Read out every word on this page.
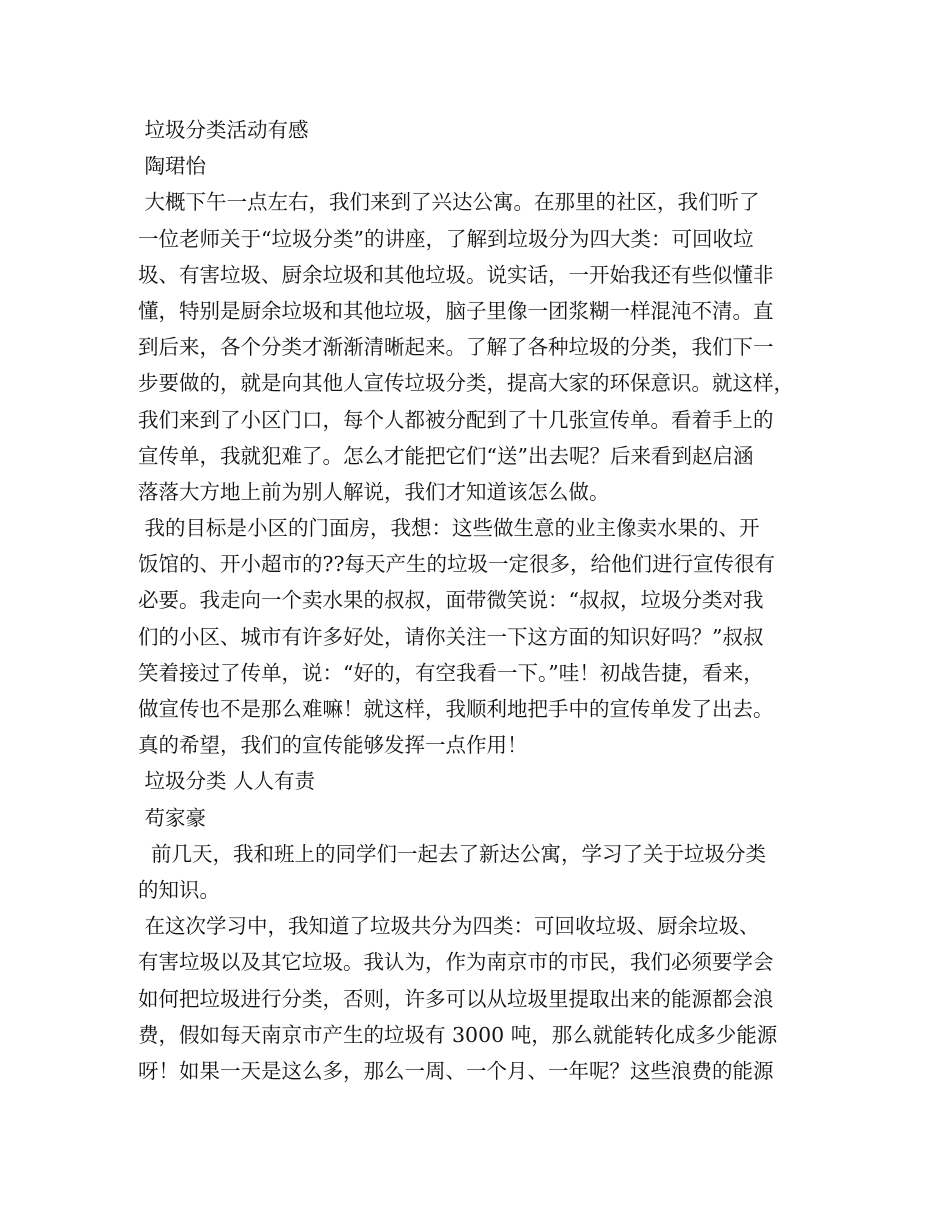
垃圾分类活动有感
陶珺怡
大概下午一点左右，我们来到了兴达公寓。在那里的社区，我们听了
一位老师关于“垃圾分类”的讲座，了解到垃圾分为四大类：可回收垃
圾、有害垃圾、厨余垃圾和其他垃圾。说实话，一开始我还有些似懂非
懂，特别是厨余垃圾和其他垃圾，脑子里像一团浆糊一样混沌不清。直
到后来，各个分类才渐渐清晰起来。了解了各种垃圾的分类，我们下一
步要做的，就是向其他人宣传垃圾分类，提高大家的环保意识。就这样，
我们来到了小区门口，每个人都被分配到了十几张宣传单。看着手上的
宣传单，我就犯难了。怎么才能把它们“送”出去呢？后来看到赵启涵
落落大方地上前为别人解说，我们才知道该怎么做。
我的目标是小区的门面房，我想：这些做生意的业主像卖水果的、开
饭馆的、开小超市的??每天产生的垃圾一定很多，给他们进行宣传很有
必要。我走向一个卖水果的叔叔，面带微笑说：“叔叔，垃圾分类对我
们的小区、城市有许多好处，请你关注一下这方面的知识好吗？”叔叔
笑着接过了传单，说：“好的，有空我看一下。”哇！初战告捷，看来，
做宣传也不是那么难嘛！就这样，我顺利地把手中的宣传单发了出去。
真的希望，我们的宣传能够发挥一点作用！
垃圾分类 人人有责
苟家豪
前几天，我和班上的同学们一起去了新达公寓，学习了关于垃圾分类
的知识。
在这次学习中，我知道了垃圾共分为四类：可回收垃圾、厨余垃圾、
有害垃圾以及其它垃圾。我认为，作为南京市的市民，我们必须要学会
如何把垃圾进行分类，否则，许多可以从垃圾里提取出来的能源都会浪
费，假如每天南京市产生的垃圾有 3000 吨，那么就能转化成多少能源
呀！如果一天是这么多，那么一周、一个月、一年呢？这些浪费的能源
